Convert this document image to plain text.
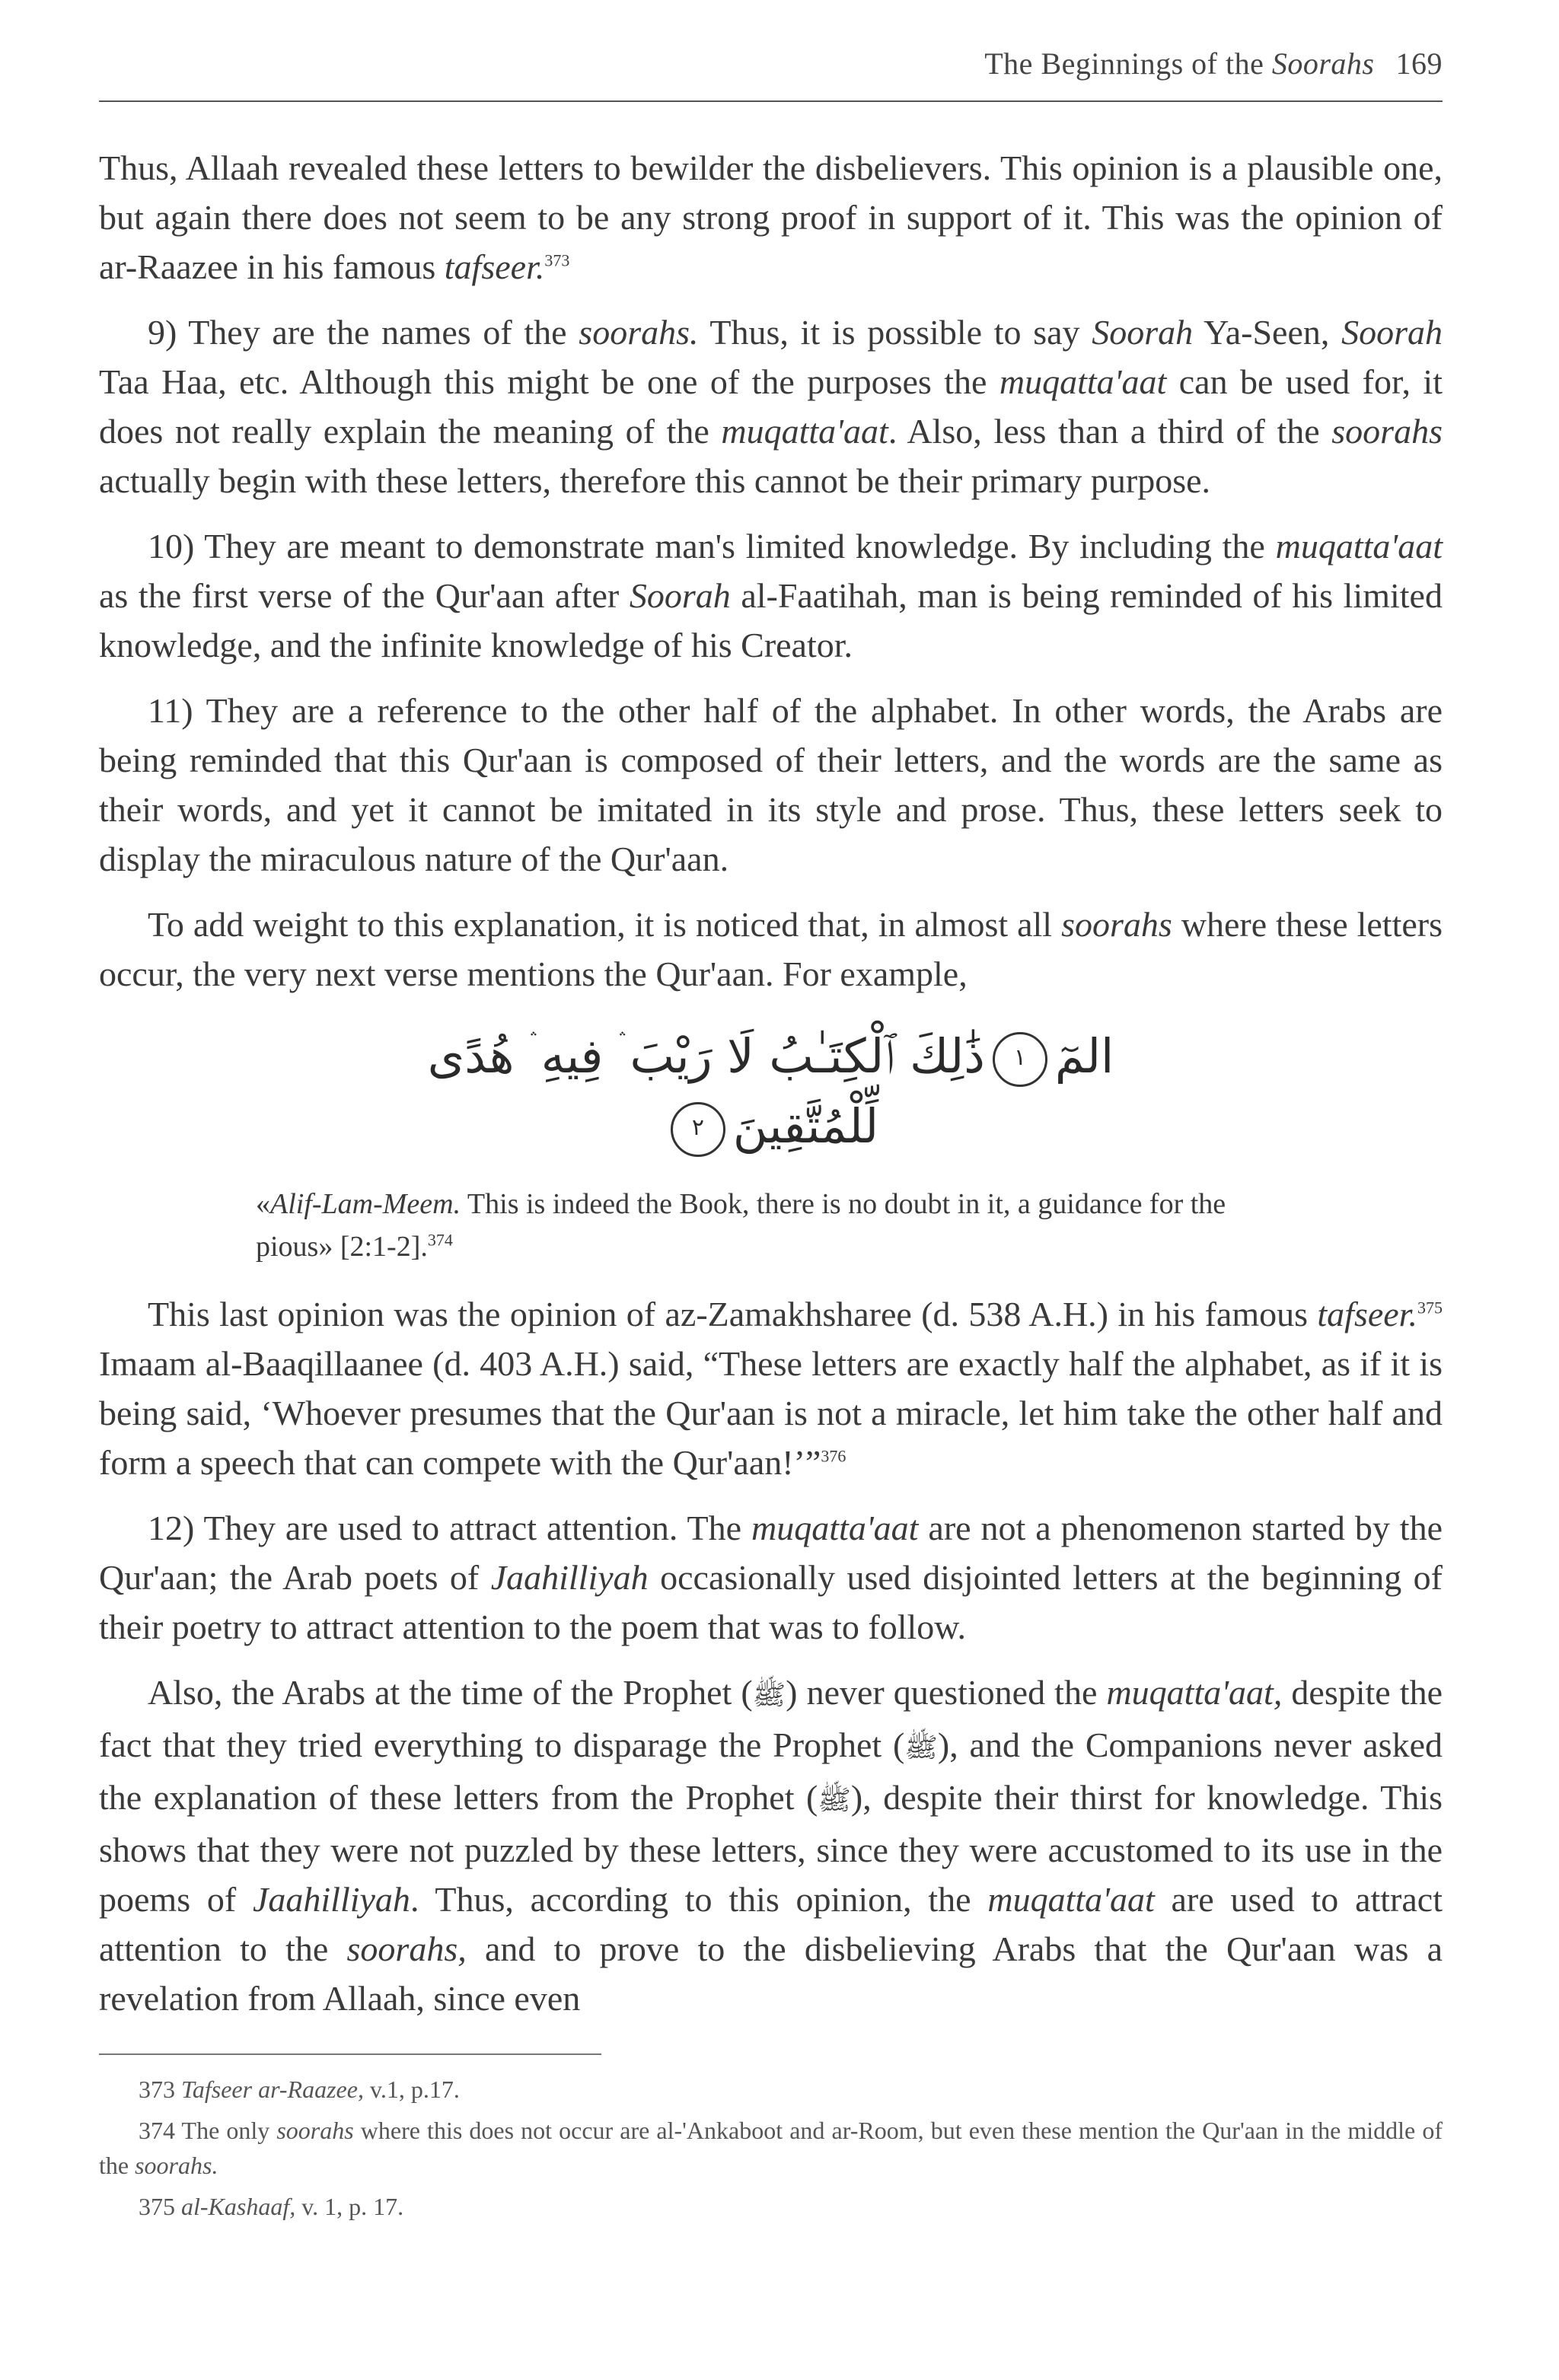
The Beginnings of the Soorahs 169

Thus, Allaah revealed these letters to bewilder the disbelievers. This opinion is a plausible one, but again there does not seem to be any strong proof in support of it. This was the opinion of ar-Raazee in his famous tafseer.$^{373}$

9) They are the names of the soorahs. Thus, it is possible to say Soorah Ya-Seen, Soorah Taa Haa, etc. Although this might be one of the purposes the muqatta'aat can be used for, it does not really explain the meaning of the muqatta'aat. Also, less than a third of the soorahs actually begin with these letters, therefore this cannot be their primary purpose.

10) They are meant to demonstrate man's limited knowledge. By including the muqatta'aat as the first verse of the Qur'aan after Soorah al-Faatihah, man is being reminded of his limited knowledge, and the infinite knowledge of his Creator.

11) They are a reference to the other half of the alphabet. In other words, the Arabs are being reminded that this Qur'aan is composed of their letters, and the words are the same as their words, and yet it cannot be imitated in its style and prose. Thus, these letters seek to display the miraculous nature of the Qur'aan.

To add weight to this explanation, it is noticed that, in almost all soorahs where these letters occur, the very next verse mentions the Qur'aan. For example,

المٓ١ذَٰلِكَ ٱلْكِتَـٰبُ لَا رَيْبَ ۛ فِيهِ ۛ هُدًى
لِّلْمُتَّقِينَ٢
«Alif-Lam-Meem. This is indeed the Book, there is no doubt in it, a guidance for the pious» [2:1-2].$^{374}$

This last opinion was the opinion of az-Zamakhsharee (d. 538 A.H.) in his famous tafseer.$^{375}$ Imaam al-Baaqillaanee (d. 403 A.H.) said, “These letters are exactly half the alphabet, as if it is being said, ‘Whoever presumes that the Qur'aan is not a miracle, let him take the other half and form a speech that can compete with the Qur'aan!’”$^{376}$

12) They are used to attract attention. The muqatta'aat are not a phenomenon started by the Qur'aan; the Arab poets of Jaahilliyah occasionally used disjointed letters at the beginning of their poetry to attract attention to the poem that was to follow.

Also, the Arabs at the time of the Prophet (ﷺ) never questioned the muqatta'aat, despite the fact that they tried everything to disparage the Prophet (ﷺ), and the Companions never asked the explanation of these letters from the Prophet (ﷺ), despite their thirst for knowledge. This shows that they were not puzzled by these letters, since they were accustomed to its use in the poems of Jaahilliyah. Thus, according to this opinion, the muqatta'aat are used to attract attention to the soorahs, and to prove to the disbelieving Arabs that the Qur'aan was a revelation from Allaah, since even

373 Tafseer ar-Raazee, v.1, p.17.

374 The only soorahs where this does not occur are al-'Ankaboot and ar-Room, but even these mention the Qur'aan in the middle of the soorahs.

375 al-Kashaaf, v. 1, p. 17.
